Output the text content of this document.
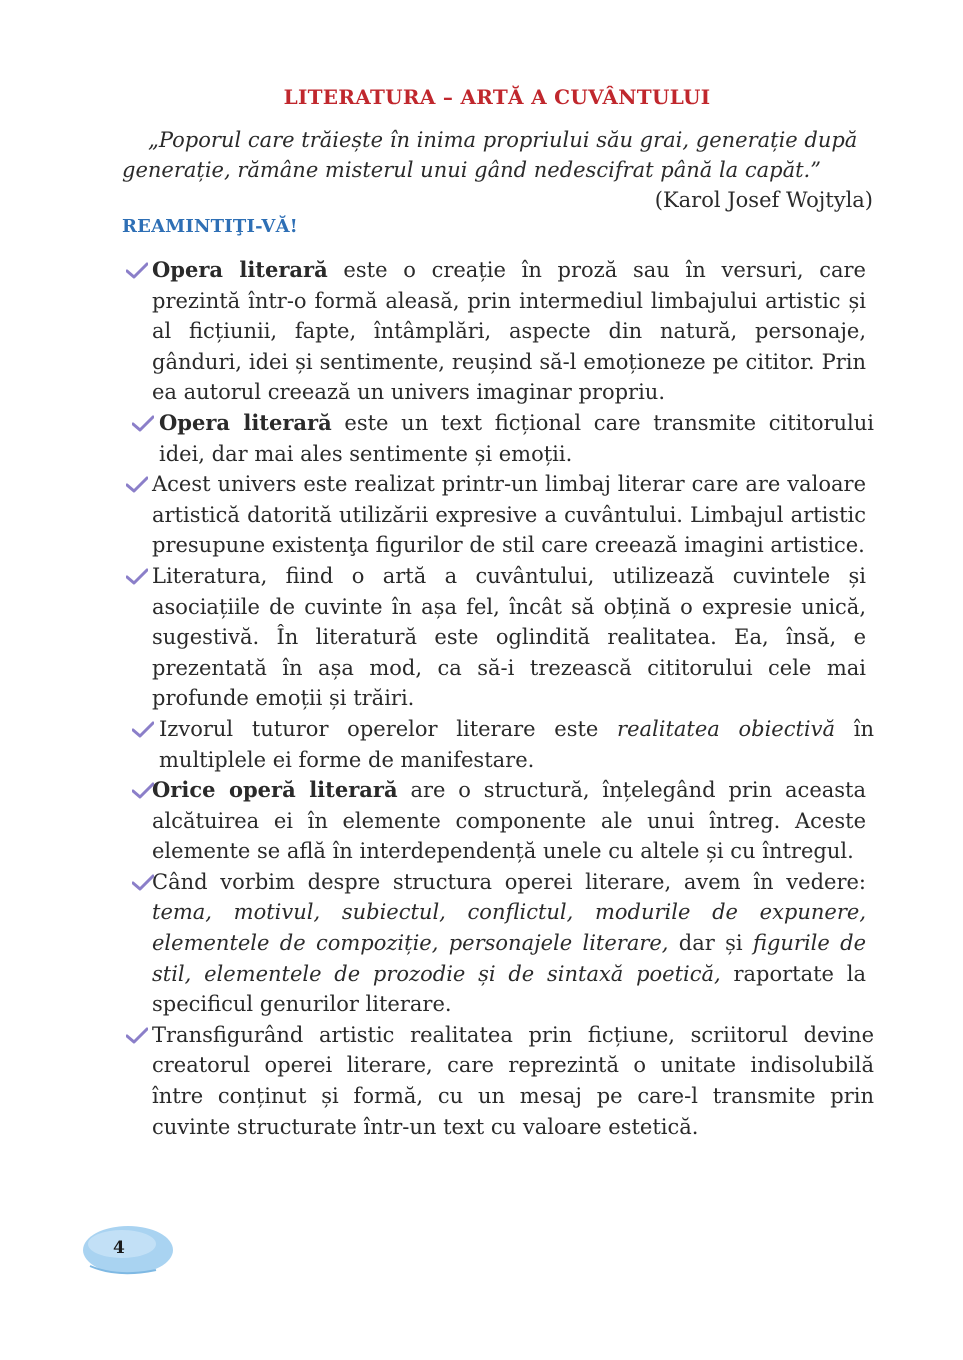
LITERATURA – ARTĂ A CUVÂNTULUI
„Poporul care trăiește în inima propriului său grai, generație după
generație, rămâne misterul unui gând nedescifrat până la capăt.”
(Karol Josef Wojtyla)
REAMINTIŢI-VĂ!
Opera literară este o creație în proză sau în versuri, care prezintă într-o formă aleasă, prin intermediul limbajului artistic și al ficțiunii, fapte, întâmplări, aspecte din natură, personaje, gânduri, idei și sentimente, reușind să-l emoționeze pe cititor. Prin ea autorul creează un univers imaginar propriu.
Opera literară este un text ficțional care transmite cititorului idei, dar mai ales sentimente și emoții.
Acest univers este realizat printr-un limbaj literar care are valoare artistică datorită utilizării expresive a cuvântului. Limbajul artistic presupune existenţa figurilor de stil care creează imagini artistice.
Literatura, fiind o artă a cuvântului, utilizează cuvintele și asociațiile de cuvinte în așa fel, încât să obțină o expresie unică, sugestivă. În literatură este oglindită realitatea. Ea, însă, e prezentată în așa mod, ca să-i trezească cititorului cele mai profunde emoții și trăiri.
Izvorul tuturor operelor literare este realitatea obiectivă în multiplele ei forme de manifestare.
Orice operă literară are o structură, înțelegând prin aceasta alcătuirea ei în elemente componente ale unui întreg. Aceste elemente se află în interdependență unele cu altele și cu întregul.
Când vorbim despre structura operei literare, avem în vedere: tema, motivul, subiectul, conflictul, modurile de expunere, elementele de compoziție, personajele literare, dar și figurile de stil, elementele de prozodie și de sintaxă poetică, raportate la specificul genurilor literare.
Transfigurând artistic realitatea prin ficțiune, scriitorul devine creatorul operei literare, care reprezintă o unitate indisolubilă între conținut și formă, cu un mesaj pe care-l transmite prin cuvinte structurate într-un text cu valoare estetică.
4
